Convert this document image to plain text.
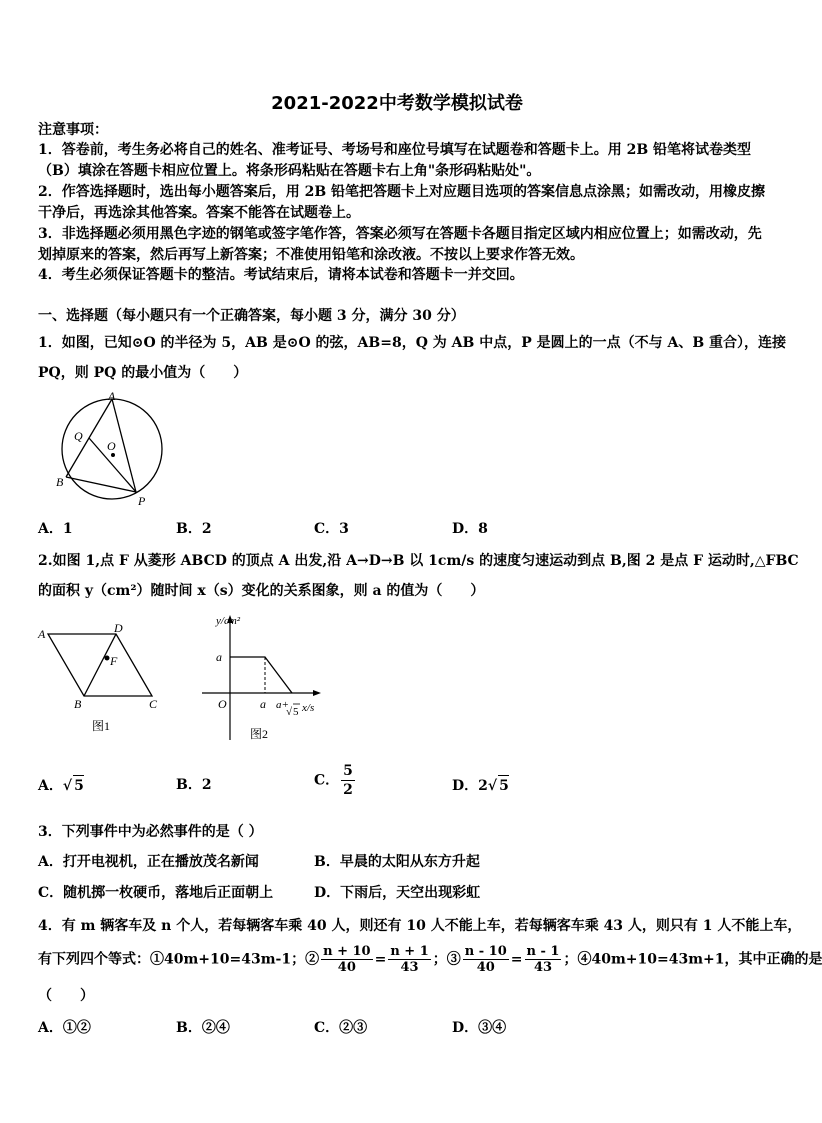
2021-2022中考数学模拟试卷
注意事项：
1．答卷前，考生务必将自己的姓名、准考证号、考场号和座位号填写在试题卷和答题卡上。用 2B 铅笔将试卷类型
（B）填涂在答题卡相应位置上。将条形码粘贴在答题卡右上角"条形码粘贴处"。
2．作答选择题时，选出每小题答案后，用 2B 铅笔把答题卡上对应题目选项的答案信息点涂黑；如需改动，用橡皮擦
干净后，再选涂其他答案。答案不能答在试题卷上。
3．非选择题必须用黑色字迹的钢笔或签字笔作答，答案必须写在答题卡各题目指定区域内相应位置上；如需改动，先
划掉原来的答案，然后再写上新答案；不准使用铅笔和涂改液。不按以上要求作答无效。
4．考生必须保证答题卡的整洁。考试结束后，请将本试卷和答题卡一并交回。
一、选择题（每小题只有一个正确答案，每小题 3 分，满分 30 分）
1．如图，已知⊙O 的半径为 5，AB 是⊙O 的弦，AB=8，Q 为 AB 中点，P 是圆上的一点（不与 A、B 重合），连接
PQ，则 PQ 的最小值为（　　）
A
B
O
Q
P
A．1	B．2	C．3	D．8
2.如图 1,点 F 从菱形 ABCD 的顶点 A 出发,沿 A→D→B 以 1cm/s 的速度匀速运动到点 B,图 2 是点 F 运动时,△FBC
的面积 y（cm²）随时间 x（s）变化的关系图象，则 a 的值为（　　）
A	D
F
B	C
图1
y/cm²
a
O	a a+
√ 5 x/s
图2
A．√ 5	B．2	C． $\frac{5}{2}$	D．2√ 5
3．下列事件中为必然事件的是（ ）
A．打开电视机，正在播放茂名新闻	B．早晨的太阳从东方升起
C．随机掷一枚硬币，落地后正面朝上	D．下雨后，天空出现彩虹
4．有 m 辆客车及 n 个人，若每辆客车乘 40 人，则还有 10 人不能上车，若每辆客车乘 43 人，则只有 1 人不能上车，
有下列四个等式：①40m+10=43m-1；② $\frac{n + 10}{40} = \frac{n + 1}{43}$ ；③ $\frac{n - 10}{40} = \frac{n - 1}{43}$ ；④40m+10=43m+1，其中正确的是
（　　）
A．①②	B．②④	C．②③	D．③④
